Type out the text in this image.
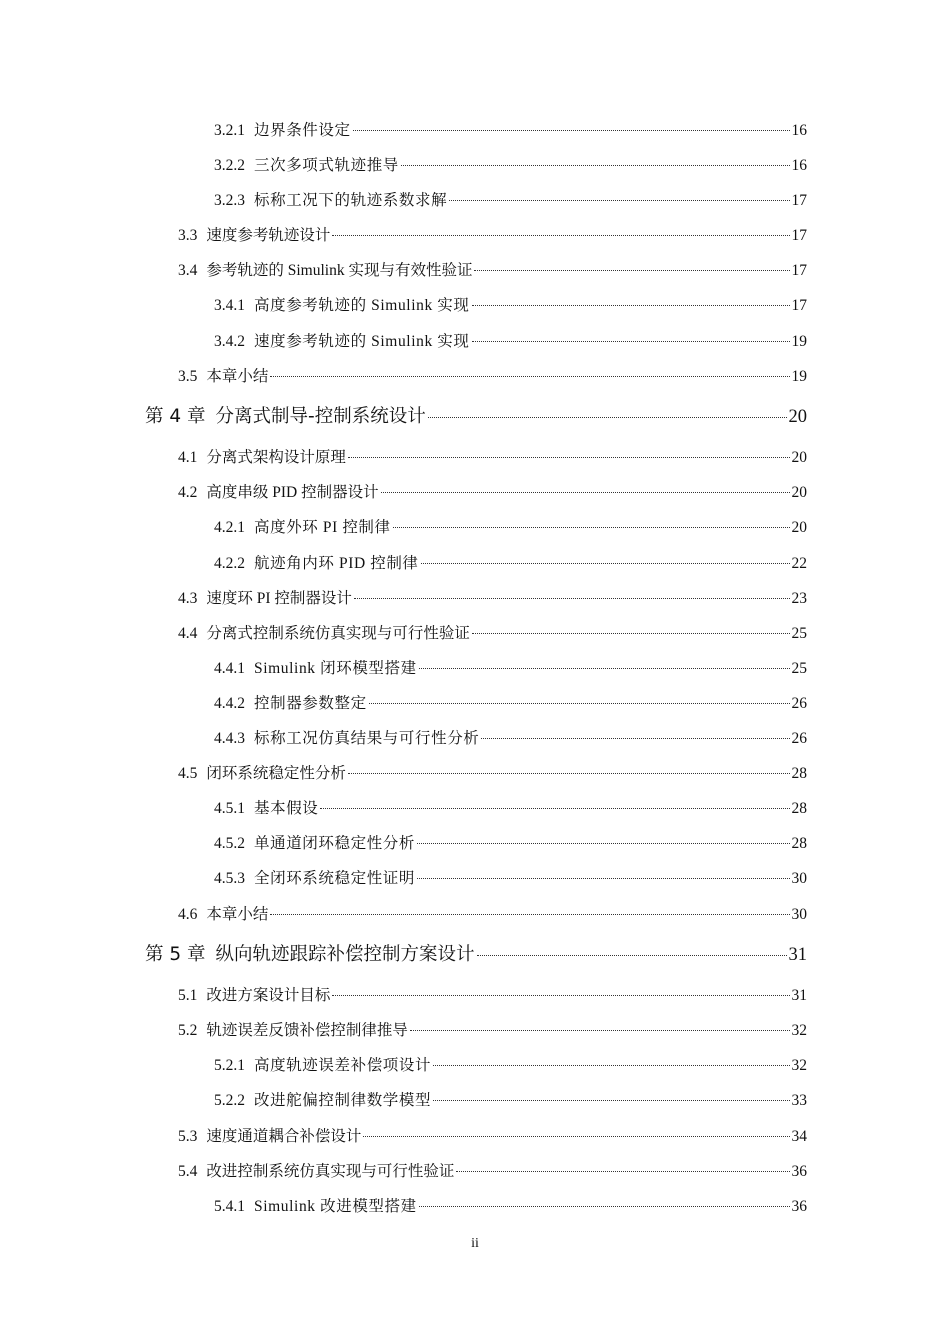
3.2.1 边界条件设定	16
3.2.2 三次多项式轨迹推导	16
3.2.3 标称工况下的轨迹系数求解	17
3.3 速度参考轨迹设计	17
3.4 参考轨迹的 Simulink 实现与有效性验证	17
3.4.1 高度参考轨迹的 Simulink 实现	17
3.4.2 速度参考轨迹的 Simulink 实现	19
3.5 本章小结	19
第 4 章 分离式制导-控制系统设计	20
4.1 分离式架构设计原理	20
4.2 高度串级 PID 控制器设计	20
4.2.1 高度外环 PI 控制律	20
4.2.2 航迹角内环 PID 控制律	22
4.3 速度环 PI 控制器设计	23
4.4 分离式控制系统仿真实现与可行性验证	25
4.4.1 Simulink 闭环模型搭建	25
4.4.2 控制器参数整定	26
4.4.3 标称工况仿真结果与可行性分析	26
4.5 闭环系统稳定性分析	28
4.5.1 基本假设	28
4.5.2 单通道闭环稳定性分析	28
4.5.3 全闭环系统稳定性证明	30
4.6 本章小结	30
第 5 章 纵向轨迹跟踪补偿控制方案设计	31
5.1 改进方案设计目标	31
5.2 轨迹误差反馈补偿控制律推导	32
5.2.1 高度轨迹误差补偿项设计	32
5.2.2 改进舵偏控制律数学模型	33
5.3 速度通道耦合补偿设计	34
5.4 改进控制系统仿真实现与可行性验证	36
5.4.1 Simulink 改进模型搭建	36
ii
